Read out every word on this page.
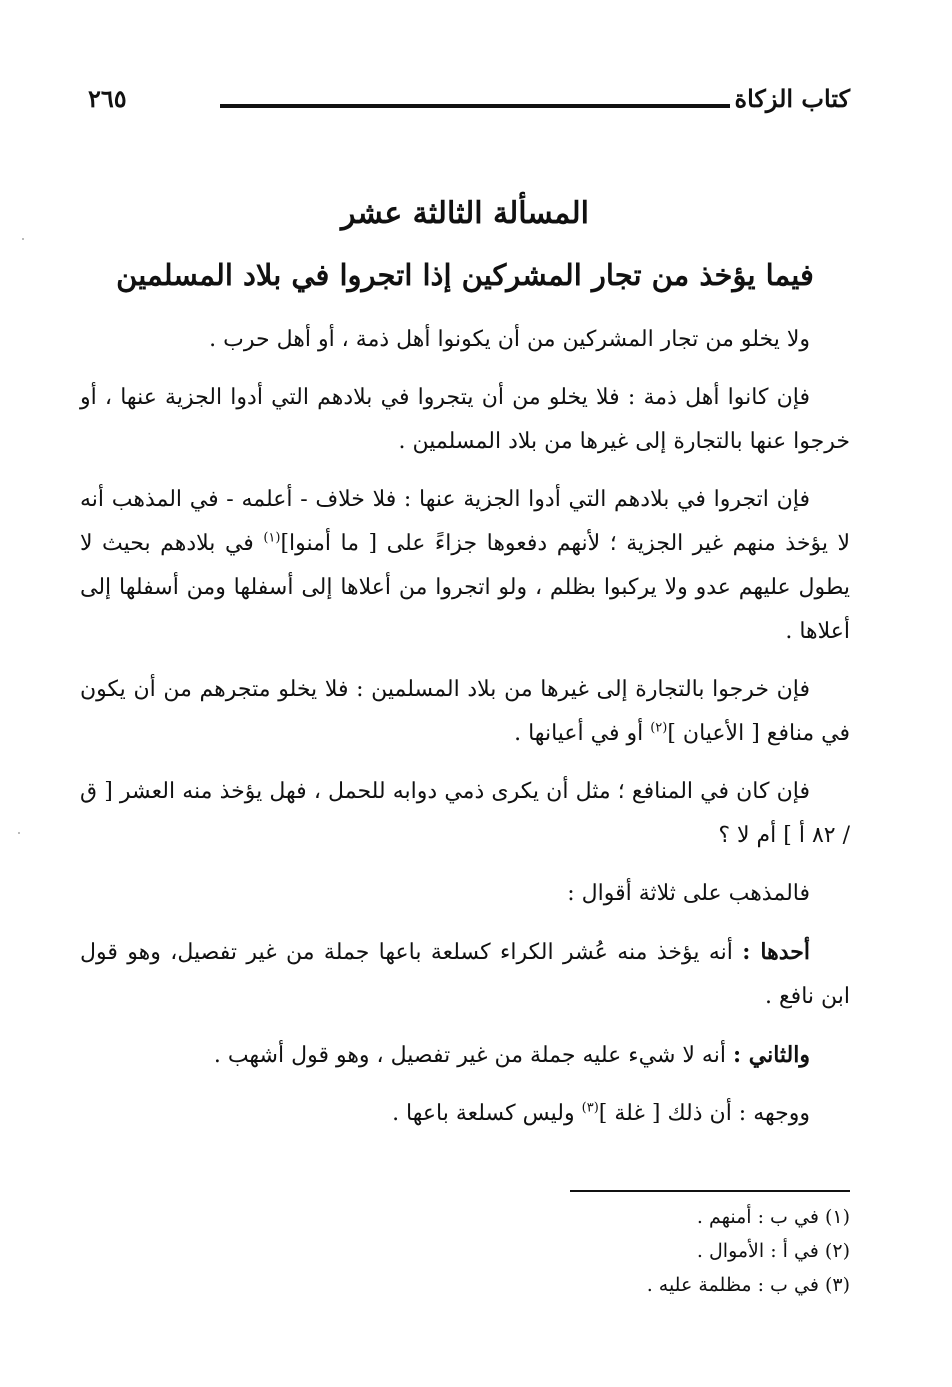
كتاب الزكاة
٢٦٥
المسألة الثالثة عشر
فيما يؤخذ من تجار المشركين إذا اتجروا في بلاد المسلمين

ولا يخلو من تجار المشركين من أن يكونوا أهل ذمة ، أو أهل حرب .

فإن كانوا أهل ذمة : فلا يخلو من أن يتجروا في بلادهم التي أدوا الجزية عنها ، أو خرجوا عنها بالتجارة إلى غيرها من بلاد المسلمين .

فإن اتجروا في بلادهم التي أدوا الجزية عنها : فلا خلاف - أعلمه - في المذهب أنه لا يؤخذ منهم غير الجزية ؛ لأنهم دفعوها جزاءً على [ ما أمنوا]$^{(١)}$ في بلادهم بحيث لا يطول عليهم عدو ولا يركبوا بظلم ، ولو اتجروا من أعلاها إلى أسفلها ومن أسفلها إلى أعلاها .

فإن خرجوا بالتجارة إلى غيرها من بلاد المسلمين : فلا يخلو متجرهم من أن يكون في منافع [ الأعيان ]$^{(٢)}$ أو في أعيانها .

فإن كان في المنافع ؛ مثل أن يكرى ذمي دوابه للحمل ، فهل يؤخذ منه العشر [ ق / ٨٢ أ ] أم لا ؟

فالمذهب على ثلاثة أقوال :

أحدها : أنه يؤخذ منه عُشر الكراء كسلعة باعها جملة من غير تفصيل، وهو قول ابن نافع .

والثاني : أنه لا شيء عليه جملة من غير تفصيل ، وهو قول أشهب .

ووجهه : أن ذلك [ غلة ]$^{(٣)}$ وليس كسلعة باعها .

(١) في ب : أمنهم .
(٢) في أ : الأموال .
(٣) في ب : مظلمة عليه .
